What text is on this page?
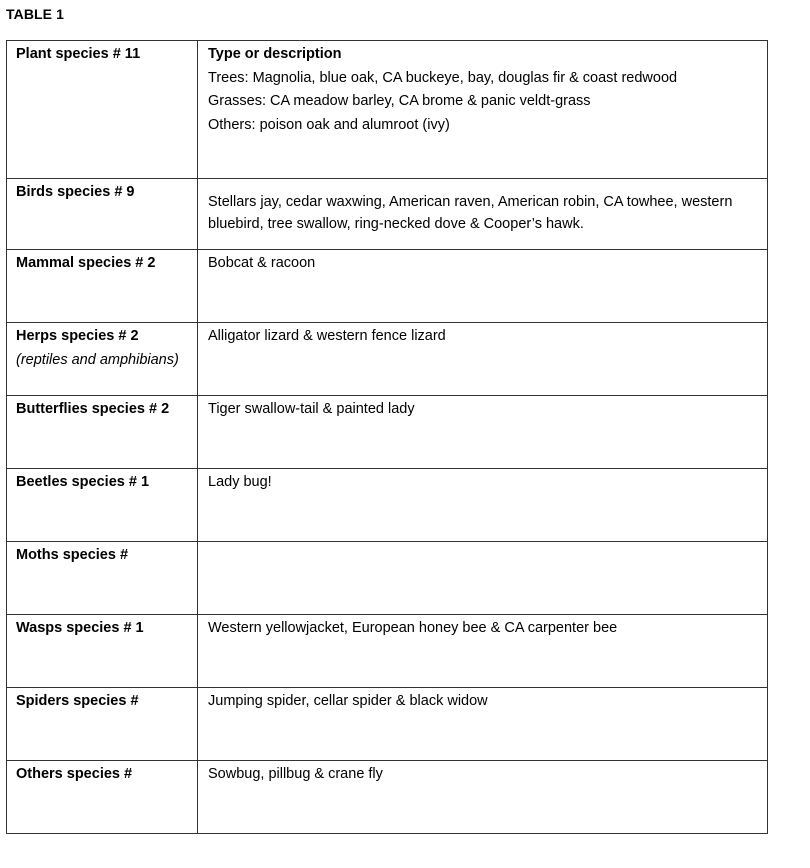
TABLE 1
Plant species # 11	Type or description
Trees: Magnolia, blue oak, CA buckeye, bay, douglas fir & coast redwood
Grasses: CA meadow barley, CA brome & panic veldt-grass
Others: poison oak and alumroot (ivy)

Birds species # 9	Stellars jay, cedar waxwing, American raven, American robin, CA towhee, western bluebird, tree swallow, ring-necked dove & Cooper’s hawk.

Mammal species # 2	Bobcat & racoon

Herps species # 2
(reptiles and amphibians)	Alligator lizard & western fence lizard

Butterflies species # 2	Tiger swallow-tail & painted lady

Beetles species # 1	Lady bug!

Moths species #	

Wasps species # 1	Western yellowjacket, European honey bee & CA carpenter bee

Spiders species #	Jumping spider, cellar spider & black widow

Others species #	Sowbug, pillbug & crane fly
